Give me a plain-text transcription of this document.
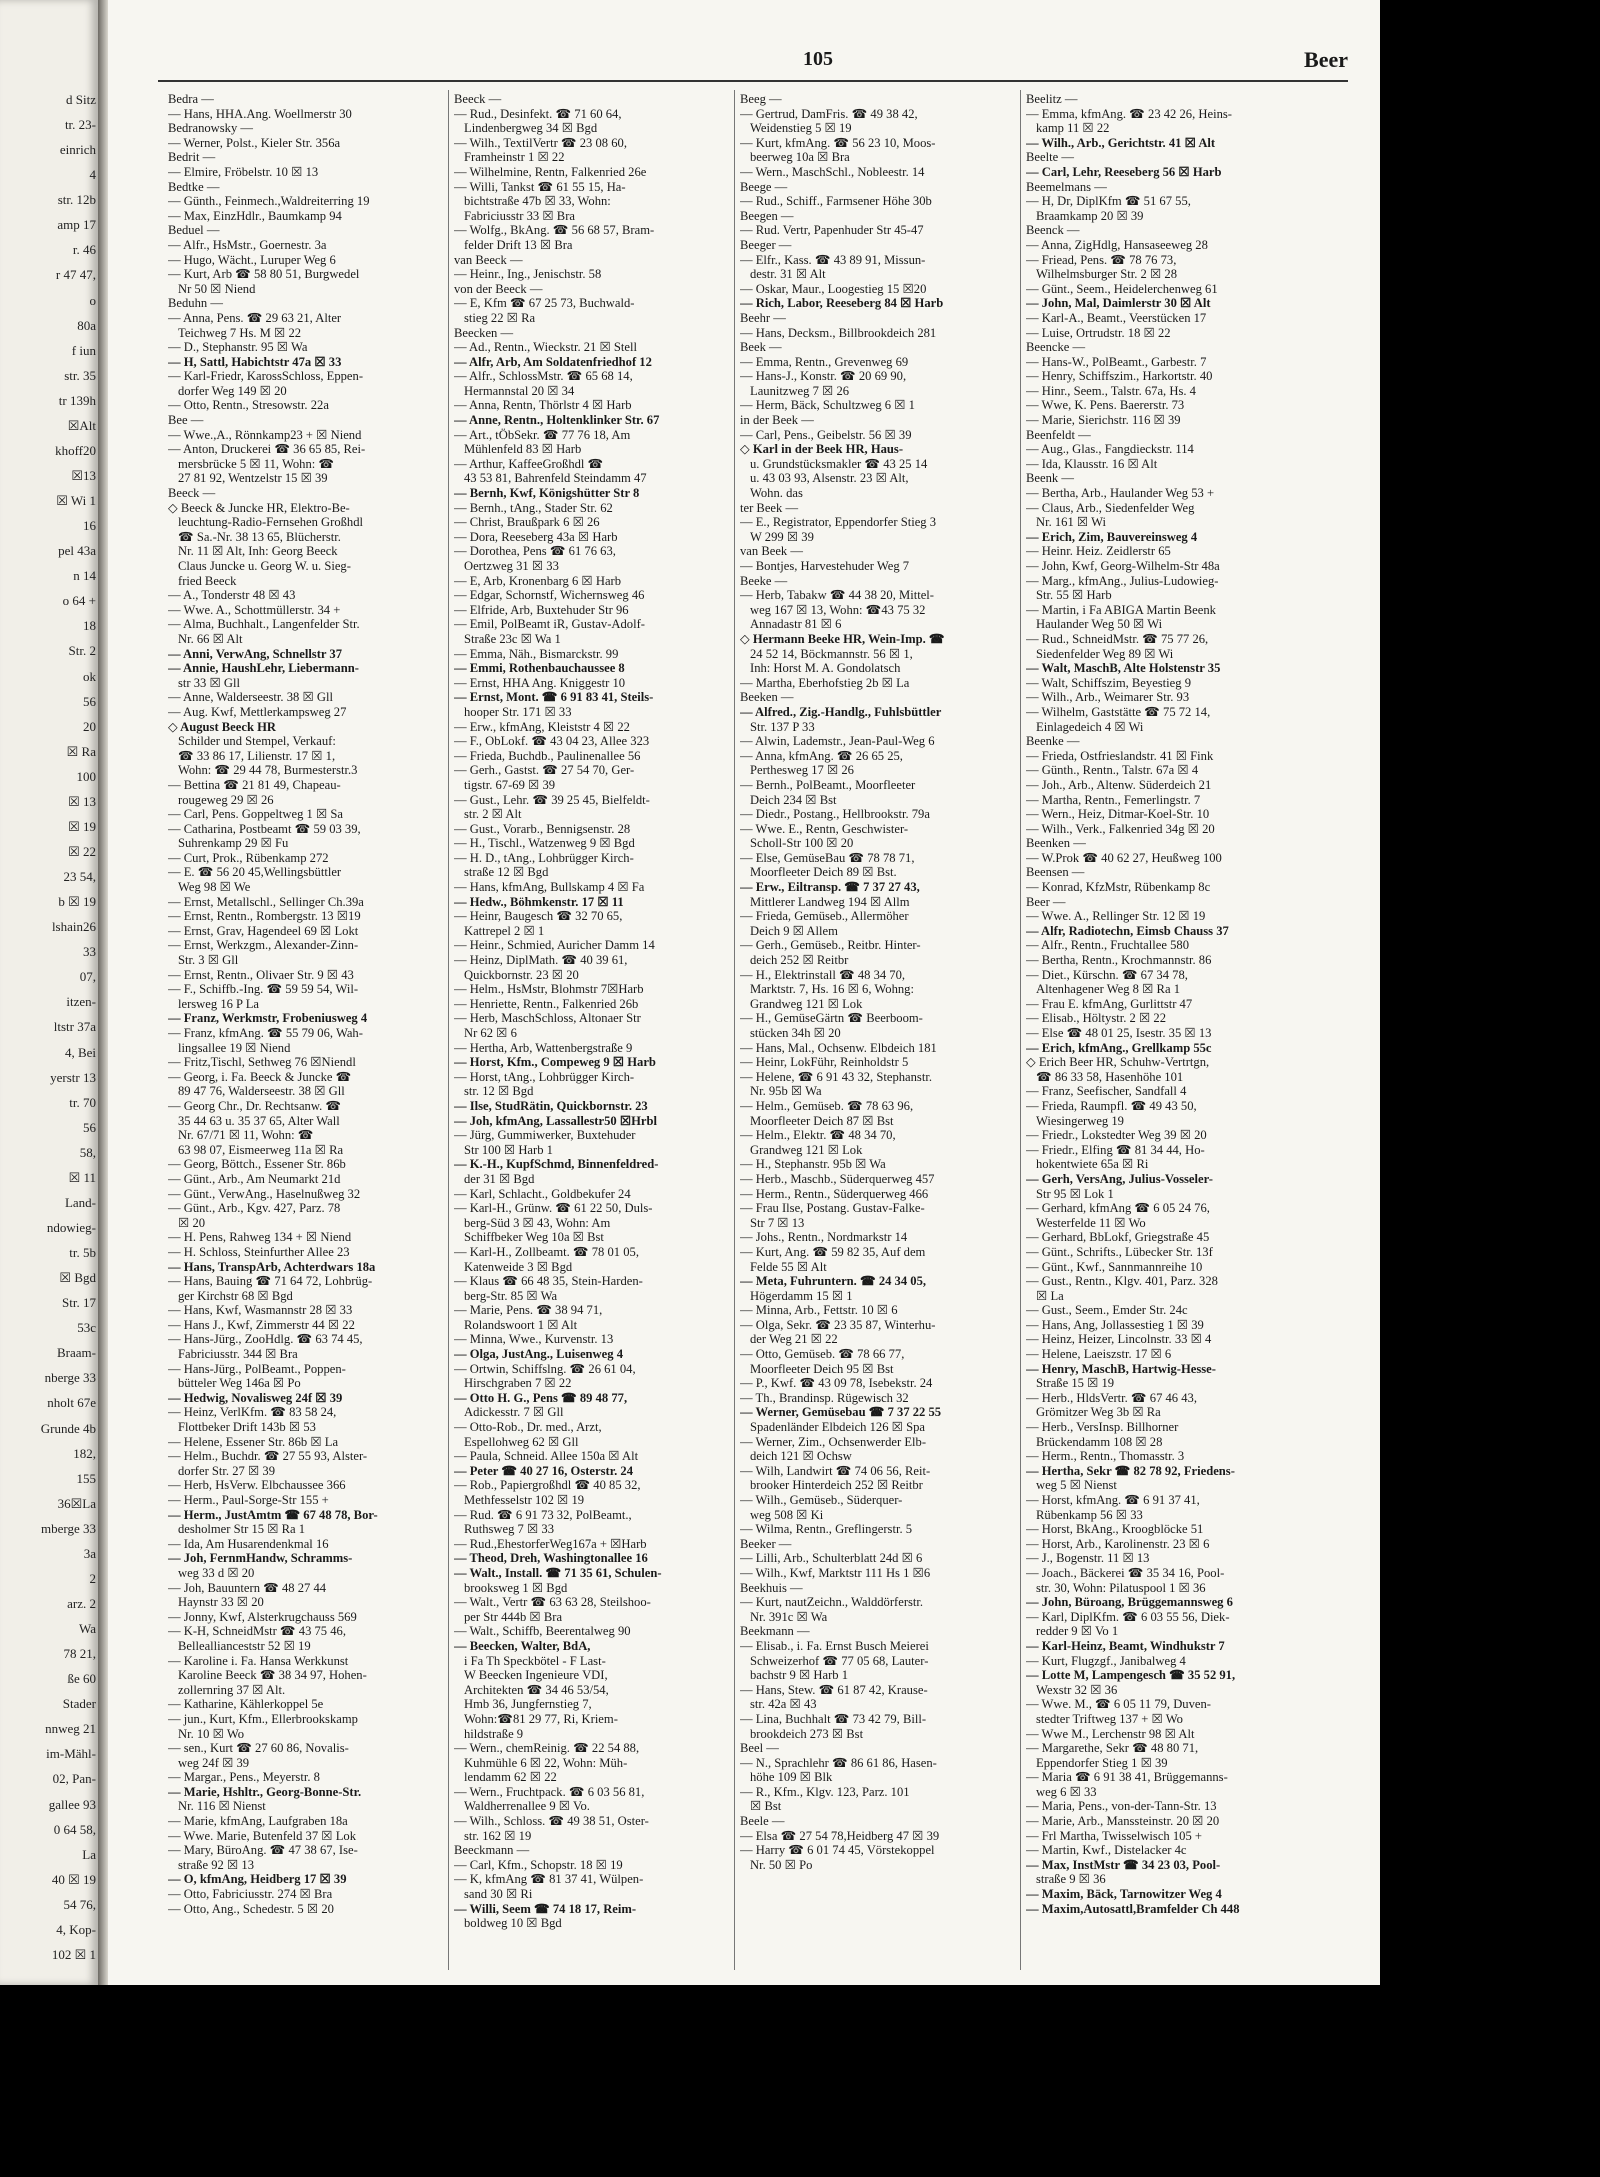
d Sitz
tr. 23-
einrich
4
str. 12b
amp 17
r. 46
r 47 47,
o
80a
f iun
str. 35
tr 139h
☒Alt
khoff20
☒13
☒ Wi 1
16
pel 43a
n 14
o 64 +
18
Str. 2
ok
56
20
☒ Ra
100
☒ 13
☒ 19
☒ 22
23 54,
b ☒ 19
lshain26
33
07,
itzen-
ltstr 37a
4, Bei
yerstr 13
tr. 70
56
58,
☒ 11
Land-
ndowieg-
tr. 5b
☒ Bgd
Str. 17
53c
Braam-
nberge 33
nholt 67e
Grunde 4b
182,
155
36☒La
mberge 33
3a
2
arz. 2
Wa
78 21,
ße 60
Stader
nnweg 21
im-Mähl-
02, Pan-
gallee 93
0 64 58,
La
40 ☒ 19
54 76,
4, Kop-
102 ☒ 1
105	Beer
Bedra —
— Hans, HHA.Ang. Woellmerstr 30
Bedranowsky —
— Werner, Polst., Kieler Str. 356a
Bedrit —
— Elmire, Fröbelstr. 10 ☒ 13
Bedtke —
— Günth., Feinmech.,Waldreiterring 19
— Max, EinzHdlr., Baumkamp 94
Beduel —
— Alfr., HsMstr., Goernestr. 3a
— Hugo, Wächt., Luruper Weg 6
— Kurt, Arb ☎ 58 80 51, Burgwedel
Nr 50 ☒ Niend
Beduhn —
— Anna, Pens. ☎ 29 63 21, Alter
Teichweg 7 Hs. M ☒ 22
— D., Stephanstr. 95 ☒ Wa
— H, Sattl, Habichtstr 47a ☒ 33
— Karl-Friedr, KarossSchloss, Eppen-
dorfer Weg 149 ☒ 20
— Otto, Rentn., Stresowstr. 22a
Bee —
— Wwe.,A., Rönnkamp23 + ☒ Niend
— Anton, Druckerei ☎ 36 65 85, Rei-
mersbrücke 5 ☒ 11, Wohn: ☎
27 81 92, Wentzelstr 15 ☒ 39
Beeck —
◇ Beeck & Juncke HR, Elektro-Be-
leuchtung-Radio-Fernsehen Großhdl
☎ Sa.-Nr. 38 13 65, Blücherstr.
Nr. 11 ☒ Alt, Inh: Georg Beeck
Claus Juncke u. Georg W. u. Sieg-
fried Beeck
— A., Tonderstr 48 ☒ 43
— Wwe. A., Schottmüllerstr. 34 +
— Alma, Buchhalt., Langenfelder Str.
Nr. 66 ☒ Alt
— Anni, VerwAng, Schnellstr 37
— Annie, HaushLehr, Liebermann-
str 33 ☒ Gll
— Anne, Walderseestr. 38 ☒ Gll
— Aug. Kwf, Mettlerkampsweg 27
◇ August Beeck HR
Schilder und Stempel, Verkauf:
☎ 33 86 17, Lilienstr. 17 ☒ 1,
Wohn: ☎ 29 44 78, Burmesterstr.3
— Bettina ☎ 21 81 49, Chapeau-
rougeweg 29 ☒ 26
— Carl, Pens. Goppeltweg 1 ☒ Sa
— Catharina, Postbeamt ☎ 59 03 39,
Suhrenkamp 29 ☒ Fu
— Curt, Prok., Rübenkamp 272
— E. ☎ 56 20 45,Wellingsbüttler
Weg 98 ☒ We
— Ernst, Metallschl., Sellinger Ch.39a
— Ernst, Rentn., Rombergstr. 13 ☒19
— Ernst, Grav, Hagendeel 69 ☒ Lokt
— Ernst, Werkzgm., Alexander-Zinn-
Str. 3 ☒ Gll
— Ernst, Rentn., Olivaer Str. 9 ☒ 43
— F., Schiffb.-Ing. ☎ 59 59 54, Wil-
lersweg 16 P La
— Franz, Werkmstr, Frobeniusweg 4
— Franz, kfmAng. ☎ 55 79 06, Wah-
lingsallee 19 ☒ Niend
— Fritz,Tischl, Sethweg 76 ☒Niendl
— Georg, i. Fa. Beeck & Juncke ☎
89 47 76, Walderseestr. 38 ☒ Gll
— Georg Chr., Dr. Rechtsanw. ☎
35 44 63 u. 35 37 65, Alter Wall
Nr. 67/71 ☒ 11, Wohn: ☎
63 98 07, Eismeerweg 11a ☒ Ra
— Georg, Böttch., Essener Str. 86b
— Günt., Arb., Am Neumarkt 21d
— Günt., VerwAng., Haselnußweg 32
— Günt., Arb., Kgv. 427, Parz. 78
☒ 20
— H. Pens, Rahweg 134 + ☒ Niend
— H. Schloss, Steinfurther Allee 23
— Hans, TranspArb, Achterdwars 18a
— Hans, Bauing ☎ 71 64 72, Lohbrüg-
ger Kirchstr 68 ☒ Bgd
— Hans, Kwf, Wasmannstr 28 ☒ 33
— Hans J., Kwf, Zimmerstr 44 ☒ 22
— Hans-Jürg., ZooHdlg. ☎ 63 74 45,
Fabriciusstr. 344 ☒ Bra
— Hans-Jürg., PolBeamt., Poppen-
bütteler Weg 146a ☒ Po
— Hedwig, Novalisweg 24f ☒ 39
— Heinz, VerlKfm. ☎ 83 58 24,
Flottbeker Drift 143b ☒ 53
— Helene, Essener Str. 86b ☒ La
— Helm., Buchdr. ☎ 27 55 93, Alster-
dorfer Str. 27 ☒ 39
— Herb, HsVerw. Elbchaussee 366
— Herm., Paul-Sorge-Str 155 +
— Herm., JustAmtm ☎ 67 48 78, Bor-
desholmer Str 15 ☒ Ra 1
— Ida, Am Husarendenkmal 16
— Joh, FernmHandw, Schramms-
weg 33 d ☒ 20
— Joh, Bauuntern ☎ 48 27 44
Haynstr 33 ☒ 20
— Jonny, Kwf, Alsterkrugchauss 569
— K-H, SchneidMstr ☎ 43 75 46,
Belleallianceststr 52 ☒ 19
— Karoline i. Fa. Hansa Werkkunst
Karoline Beeck ☎ 38 34 97, Hohen-
zollernring 37 ☒ Alt.
— Katharine, Kählerkoppel 5e
— jun., Kurt, Kfm., Ellerbrookskamp
Nr. 10 ☒ Wo
— sen., Kurt ☎ 27 60 86, Novalis-
weg 24f ☒ 39
— Margar., Pens., Meyerstr. 8
— Marie, Hshltr., Georg-Bonne-Str.
Nr. 116 ☒ Nienst
— Marie, kfmAng, Laufgraben 18a
— Wwe. Marie, Butenfeld 37 ☒ Lok
— Mary, BüroAng. ☎ 47 38 67, Ise-
straße 92 ☒ 13
— O, kfmAng, Heidberg 17 ☒ 39
— Otto, Fabriciusstr. 274 ☒ Bra
— Otto, Ang., Schedestr. 5 ☒ 20
Beeck —
— Rud., Desinfekt. ☎ 71 60 64,
Lindenbergweg 34 ☒ Bgd
— Wilh., TextilVertr ☎ 23 08 60,
Framheinstr 1 ☒ 22
— Wilhelmine, Rentn, Falkenried 26e
— Willi, Tankst ☎ 61 55 15, Ha-
bichtstraße 47b ☒ 33, Wohn:
Fabriciusstr 33 ☒ Bra
— Wolfg., BkAng. ☎ 56 68 57, Bram-
felder Drift 13 ☒ Bra
van Beeck —
— Heinr., Ing., Jenischstr. 58
von der Beeck —
— E, Kfm ☎ 67 25 73, Buchwald-
stieg 22 ☒ Ra
Beecken —
— Ad., Rentn., Wieckstr. 21 ☒ Stell
— Alfr, Arb, Am Soldatenfriedhof 12
— Alfr., SchlossMstr. ☎ 65 68 14,
Hermannstal 20 ☒ 34
— Anna, Rentn, Thörlstr 4 ☒ Harb
— Anne, Rentn., Holtenklinker Str. 67
— Art., tÖbSekr. ☎ 77 76 18, Am
Mühlenfeld 83 ☒ Harb
— Arthur, KaffeeGroßhdl ☎
43 53 81, Bahrenfeld Steindamm 47
— Bernh, Kwf, Königshütter Str 8
— Bernh., tAng., Stader Str. 62
— Christ, Braußpark 6 ☒ 26
— Dora, Reeseberg 43a ☒ Harb
— Dorothea, Pens ☎ 61 76 63,
Oertzweg 31 ☒ 33
— E, Arb, Kronenbarg 6 ☒ Harb
— Edgar, Schornstf, Wichernsweg 46
— Elfride, Arb, Buxtehuder Str 96
— Emil, PolBeamt iR, Gustav-Adolf-
Straße 23c ☒ Wa 1
— Emma, Näh., Bismarckstr. 99
— Emmi, Rothenbauchaussee 8
— Ernst, HHA Ang. Kniggestr 10
— Ernst, Mont. ☎ 6 91 83 41, Steils-
hooper Str. 171 ☒ 33
— Erw., kfmAng, Kleiststr 4 ☒ 22
— F., ObLokf. ☎ 43 04 23, Allee 323
— Frieda, Buchdb., Paulinenallee 56
— Gerh., Gastst. ☎ 27 54 70, Ger-
tigstr. 67-69 ☒ 39
— Gust., Lehr. ☎ 39 25 45, Bielfeldt-
str. 2 ☒ Alt
— Gust., Vorarb., Bennigsenstr. 28
— H., Tischl., Watzenweg 9 ☒ Bgd
— H. D., tAng., Lohbrügger Kirch-
straße 12 ☒ Bgd
— Hans, kfmAng, Bullskamp 4 ☒ Fa
— Hedw., Böhmkenstr. 17 ☒ 11
— Heinr, Baugesch ☎ 32 70 65,
Kattrepel 2 ☒ 1
— Heinr., Schmied, Auricher Damm 14
— Heinz, DiplMath. ☎ 40 39 61,
Quickbornstr. 23 ☒ 20
— Helm., HsMstr, Blohmstr 7☒Harb
— Henriette, Rentn., Falkenried 26b
— Herb, MaschSchloss, Altonaer Str
Nr 62 ☒ 6
— Hertha, Arb, Wattenbergstraße 9
— Horst, Kfm., Compeweg 9 ☒ Harb
— Horst, tAng., Lohbrügger Kirch-
str. 12 ☒ Bgd
— Ilse, StudRätin, Quickbornstr. 23
— Joh, kfmAng, Lassallestr50 ☒Hrbl
— Jürg, Gummiwerker, Buxtehuder
Str 100 ☒ Harb 1
— K.-H., KupfSchmd, Binnenfeldred-
der 31 ☒ Bgd
— Karl, Schlacht., Goldbekufer 24
— Karl-H., Grünw. ☎ 61 22 50, Duls-
berg-Süd 3 ☒ 43, Wohn: Am
Schiffbeker Weg 10a ☒ Bst
— Karl-H., Zollbeamt. ☎ 78 01 05,
Katenweide 3 ☒ Bgd
— Klaus ☎ 66 48 35, Stein-Harden-
berg-Str. 85 ☒ Wa
— Marie, Pens. ☎ 38 94 71,
Rolandswoort 1 ☒ Alt
— Minna, Wwe., Kurvenstr. 13
— Olga, JustAng., Luisenweg 4
— Ortwin, Schiffslng. ☎ 26 61 04,
Hirschgraben 7 ☒ 22
— Otto H. G., Pens ☎ 89 48 77,
Adickesstr. 7 ☒ Gll
— Otto-Rob., Dr. med., Arzt,
Espellohweg 62 ☒ Gll
— Paula, Schneid. Allee 150a ☒ Alt
— Peter ☎ 40 27 16, Osterstr. 24
— Rob., Papiergroßhdl ☎ 40 85 32,
Methfesselstr 102 ☒ 19
— Rud. ☎ 6 91 73 32, PolBeamt.,
Ruthsweg 7 ☒ 33
— Rud.,EhestorferWeg167a + ☒Harb
— Theod, Dreh, Washingtonallee 16
— Walt., Install. ☎ 71 35 61, Schulen-
brooksweg 1 ☒ Bgd
— Walt., Vertr ☎ 63 63 28, Steilshoo-
per Str 444b ☒ Bra
— Walt., Schiffb, Beerentalweg 90
— Beecken, Walter, BdA,
i Fa Th Speckbötel - F Last-
W Beecken Ingenieure VDI,
Architekten ☎ 34 46 53/54,
Hmb 36, Jungfernstieg 7,
Wohn:☎81 29 77, Ri, Kriem-
hildstraße 9
— Wern., chemReinig. ☎ 22 54 88,
Kuhmühle 6 ☒ 22, Wohn: Müh-
lendamm 62 ☒ 22
— Wern., Fruchtpack. ☎ 6 03 56 81,
Waldherrenallee 9 ☒ Vo.
— Wilh., Schloss. ☎ 49 38 51, Oster-
str. 162 ☒ 19
Beeckmann —
— Carl, Kfm., Schopstr. 18 ☒ 19
— K, kfmAng ☎ 81 37 41, Wülpen-
sand 30 ☒ Ri
— Willi, Seem ☎ 74 18 17, Reim-
boldweg 10 ☒ Bgd
Beeg —
— Gertrud, DamFris. ☎ 49 38 42,
Weidenstieg 5 ☒ 19
— Kurt, kfmAng. ☎ 56 23 10, Moos-
beerweg 10a ☒ Bra
— Wern., MaschSchl., Nobleestr. 14
Beege —
— Rud., Schiff., Farmsener Höhe 30b
Beegen —
— Rud. Vertr, Papenhuder Str 45-47
Beeger —
— Elfr., Kass. ☎ 43 89 91, Missun-
destr. 31 ☒ Alt
— Oskar, Maur., Loogestieg 15 ☒20
— Rich, Labor, Reeseberg 84 ☒ Harb
Beehr —
— Hans, Decksm., Billbrookdeich 281
Beek —
— Emma, Rentn., Grevenweg 69
— Hans-J., Konstr. ☎ 20 69 90,
Launitzweg 7 ☒ 26
— Herm, Bäck, Schultzweg 6 ☒ 1
in der Beek —
— Carl, Pens., Geibelstr. 56 ☒ 39
◇ Karl in der Beek HR, Haus-
u. Grundstücksmakler ☎ 43 25 14
u. 43 03 93, Alsenstr. 23 ☒ Alt,
Wohn. das
ter Beek —
— E., Registrator, Eppendorfer Stieg 3
W 299 ☒ 39
van Beek —
— Bontjes, Harvestehuder Weg 7
Beeke —
— Herb, Tabakw ☎ 44 38 20, Mittel-
weg 167 ☒ 13, Wohn: ☎43 75 32
Annadastr 81 ☒ 6
◇ Hermann Beeke HR, Wein-Imp. ☎
24 52 14, Böckmannstr. 56 ☒ 1,
Inh: Horst M. A. Gondolatsch
— Martha, Eberhofstieg 2b ☒ La
Beeken —
— Alfred., Zig.-Handlg., Fuhlsbüttler
Str. 137 P 33
— Alwin, Lademstr., Jean-Paul-Weg 6
— Anna, kfmAng. ☎ 26 65 25,
Perthesweg 17 ☒ 26
— Bernh., PolBeamt., Moorfleeter
Deich 234 ☒ Bst
— Diedr., Postang., Hellbrookstr. 79a
— Wwe. E., Rentn, Geschwister-
Scholl-Str 100 ☒ 20
— Else, GemüseBau ☎ 78 78 71,
Moorfleeter Deich 89 ☒ Bst.
— Erw., Eiltransp. ☎ 7 37 27 43,
Mittlerer Landweg 194 ☒ Allm
— Frieda, Gemüseb., Allermöher
Deich 9 ☒ Allem
— Gerh., Gemüseb., Reitbr. Hinter-
deich 252 ☒ Reitbr
— H., Elektrinstall ☎ 48 34 70,
Marktstr. 7, Hs. 16 ☒ 6, Wohng:
Grandweg 121 ☒ Lok
— H., GemüseGärtn ☎ Beerboom-
stücken 34h ☒ 20
— Hans, Mal., Ochsenw. Elbdeich 181
— Heinr, LokFühr, Reinholdstr 5
— Helene, ☎ 6 91 43 32, Stephanstr.
Nr. 95b ☒ Wa
— Helm., Gemüseb. ☎ 78 63 96,
Moorfleeter Deich 87 ☒ Bst
— Helm., Elektr. ☎ 48 34 70,
Grandweg 121 ☒ Lok
— H., Stephanstr. 95b ☒ Wa
— Herb., Maschb., Süderquerweg 457
— Herm., Rentn., Süderquerweg 466
— Frau Ilse, Postang. Gustav-Falke-
Str 7 ☒ 13
— Johs., Rentn., Nordmarkstr 14
— Kurt, Ang. ☎ 59 82 35, Auf dem
Felde 55 ☒ Alt
— Meta, Fuhruntern. ☎ 24 34 05,
Högerdamm 15 ☒ 1
— Minna, Arb., Fettstr. 10 ☒ 6
— Olga, Sekr. ☎ 23 35 87, Winterhu-
der Weg 21 ☒ 22
— Otto, Gemüseb. ☎ 78 66 77,
Moorfleeter Deich 95 ☒ Bst
— P., Kwf. ☎ 43 09 78, Isebekstr. 24
— Th., Brandinsp. Rügewisch 32
— Werner, Gemüsebau ☎ 7 37 22 55
Spadenländer Elbdeich 126 ☒ Spa
— Werner, Zim., Ochsenwerder Elb-
deich 121 ☒ Ochsw
— Wilh, Landwirt ☎ 74 06 56, Reit-
brooker Hinterdeich 252 ☒ Reitbr
— Wilh., Gemüseb., Süderquer-
weg 508 ☒ Ki
— Wilma, Rentn., Greflingerstr. 5
Beeker —
— Lilli, Arb., Schulterblatt 24d ☒ 6
— Wilh., Kwf, Marktstr 111 Hs 1 ☒6
Beekhuis —
— Kurt, nautZeichn., Walddörferstr.
Nr. 391c ☒ Wa
Beekmann —
— Elisab., i. Fa. Ernst Busch Meierei
Schweizerhof ☎ 77 05 68, Lauter-
bachstr 9 ☒ Harb 1
— Hans, Stew. ☎ 61 87 42, Krause-
str. 42a ☒ 43
— Lina, Buchhalt ☎ 73 42 79, Bill-
brookdeich 273 ☒ Bst
Beel —
— N., Sprachlehr ☎ 86 61 86, Hasen-
höhe 109 ☒ Blk
— R., Kfm., Klgv. 123, Parz. 101
☒ Bst
Beele —
— Elsa ☎ 27 54 78,Heidberg 47 ☒ 39
— Harry ☎ 6 01 74 45, Vörstekoppel
Nr. 50 ☒ Po
Beelitz —
— Emma, kfmAng. ☎ 23 42 26, Heins-
kamp 11 ☒ 22
— Wilh., Arb., Gerichtstr. 41 ☒ Alt
Beelte —
— Carl, Lehr, Reeseberg 56 ☒ Harb
Beemelmans —
— H, Dr, DiplKfm ☎ 51 67 55,
Braamkamp 20 ☒ 39
Beenck —
— Anna, ZigHdlg, Hansaseeweg 28
— Friead, Pens. ☎ 78 76 73,
Wilhelmsburger Str. 2 ☒ 28
— Günt., Seem., Heidelerchenweg 61
— John, Mal, Daimlerstr 30 ☒ Alt
— Karl-A., Beamt., Veerstücken 17
— Luise, Ortrudstr. 18 ☒ 22
Beencke —
— Hans-W., PolBeamt., Garbestr. 7
— Henry, Schiffszim., Harkortstr. 40
— Hinr., Seem., Talstr. 67a, Hs. 4
— Wwe, K. Pens. Baererstr. 73
— Marie, Sierichstr. 116 ☒ 39
Beenfeldt —
— Aug., Glas., Fangdieckstr. 114
— Ida, Klausstr. 16 ☒ Alt
Beenk —
— Bertha, Arb., Haulander Weg 53 +
— Claus, Arb., Siedenfelder Weg
Nr. 161 ☒ Wi
— Erich, Zim, Bauvereinsweg 4
— Heinr. Heiz. Zeidlerstr 65
— John, Kwf, Georg-Wilhelm-Str 48a
— Marg., kfmAng., Julius-Ludowieg-
Str. 55 ☒ Harb
— Martin, i Fa ABIGA Martin Beenk
Haulander Weg 50 ☒ Wi
— Rud., SchneidMstr. ☎ 75 77 26,
Siedenfelder Weg 89 ☒ Wi
— Walt, MaschB, Alte Holstenstr 35
— Walt, Schiffszim, Beyestieg 9
— Wilh., Arb., Weimarer Str. 93
— Wilhelm, Gaststätte ☎ 75 72 14,
Einlagedeich 4 ☒ Wi
Beenke —
— Frieda, Ostfrieslandstr. 41 ☒ Fink
— Günth., Rentn., Talstr. 67a ☒ 4
— Joh., Arb., Altenw. Süderdeich 21
— Martha, Rentn., Femerlingstr. 7
— Wern., Heiz, Ditmar-Koel-Str. 10
— Wilh., Verk., Falkenried 34g ☒ 20
Beenken —
— W.Prok ☎ 40 62 27, Heußweg 100
Beensen —
— Konrad, KfzMstr, Rübenkamp 8c
Beer —
— Wwe. A., Rellinger Str. 12 ☒ 19
— Alfr, Radiotechn, Eimsb Chauss 37
— Alfr., Rentn., Fruchtallee 580
— Bertha, Rentn., Krochmannstr. 86
— Diet., Kürschn. ☎ 67 34 78,
Altenhagener Weg 8 ☒ Ra 1
— Frau E. kfmAng, Gurlittstr 47
— Elisab., Höltystr. 2 ☒ 22
— Else ☎ 48 01 25, Isestr. 35 ☒ 13
— Erich, kfmAng., Grellkamp 55c
◇ Erich Beer HR, Schuhw-Vertrtgn,
☎ 86 33 58, Hasenhöhe 101
— Franz, Seefischer, Sandfall 4
— Frieda, Raumpfl. ☎ 49 43 50,
Wiesingerweg 19
— Friedr., Lokstedter Weg 39 ☒ 20
— Friedr., Elfing ☎ 81 34 44, Ho-
hokentwiete 65a ☒ Ri
— Gerh, VersAng, Julius-Vosseler-
Str 95 ☒ Lok 1
— Gerhard, kfmAng ☎ 6 05 24 76,
Westerfelde 11 ☒ Wo
— Gerhard, BbLokf, Griegstraße 45
— Günt., Schrifts., Lübecker Str. 13f
— Günt., Kwf., Sannmannreihe 10
— Gust., Rentn., Klgv. 401, Parz. 328
☒ La
— Gust., Seem., Emder Str. 24c
— Hans, Ang, Jollassestieg 1 ☒ 39
— Heinz, Heizer, Lincolnstr. 33 ☒ 4
— Helene, Laeiszstr. 17 ☒ 6
— Henry, MaschB, Hartwig-Hesse-
Straße 15 ☒ 19
— Herb., HldsVertr. ☎ 67 46 43,
Grömitzer Weg 3b ☒ Ra
— Herb., VersInsp. Billhorner
Brückendamm 108 ☒ 28
— Herm., Rentn., Thomasstr. 3
— Hertha, Sekr ☎ 82 78 92, Friedens-
weg 5 ☒ Nienst
— Horst, kfmAng. ☎ 6 91 37 41,
Rübenkamp 56 ☒ 33
— Horst, BkAng., Kroogblöcke 51
— Horst, Arb., Karolinenstr. 23 ☒ 6
— J., Bogenstr. 11 ☒ 13
— Joach., Bäckerei ☎ 35 34 16, Pool-
str. 30, Wohn: Pilatuspool 1 ☒ 36
— John, Büroang, Brüggemannsweg 6
— Karl, DiplKfm. ☎ 6 03 55 56, Diek-
redder 9 ☒ Vo 1
— Karl-Heinz, Beamt, Windhukstr 7
— Kurt, Flugzgf., Janibalweg 4
— Lotte M, Lampengesch ☎ 35 52 91,
Wexstr 32 ☒ 36
— Wwe. M., ☎ 6 05 11 79, Duven-
stedter Triftweg 137 + ☒ Wo
— Wwe M., Lerchenstr 98 ☒ Alt
— Margarethe, Sekr ☎ 48 80 71,
Eppendorfer Stieg 1 ☒ 39
— Maria ☎ 6 91 38 41, Brüggemanns-
weg 6 ☒ 33
— Maria, Pens., von-der-Tann-Str. 13
— Marie, Arb., Manssteinstr. 20 ☒ 20
— Frl Martha, Twisselwisch 105 +
— Martin, Kwf., Distelacker 4c
— Max, InstMstr ☎ 34 23 03, Pool-
straße 9 ☒ 36
— Maxim, Bäck, Tarnowitzer Weg 4
— Maxim,Autosattl,Bramfelder Ch 448
